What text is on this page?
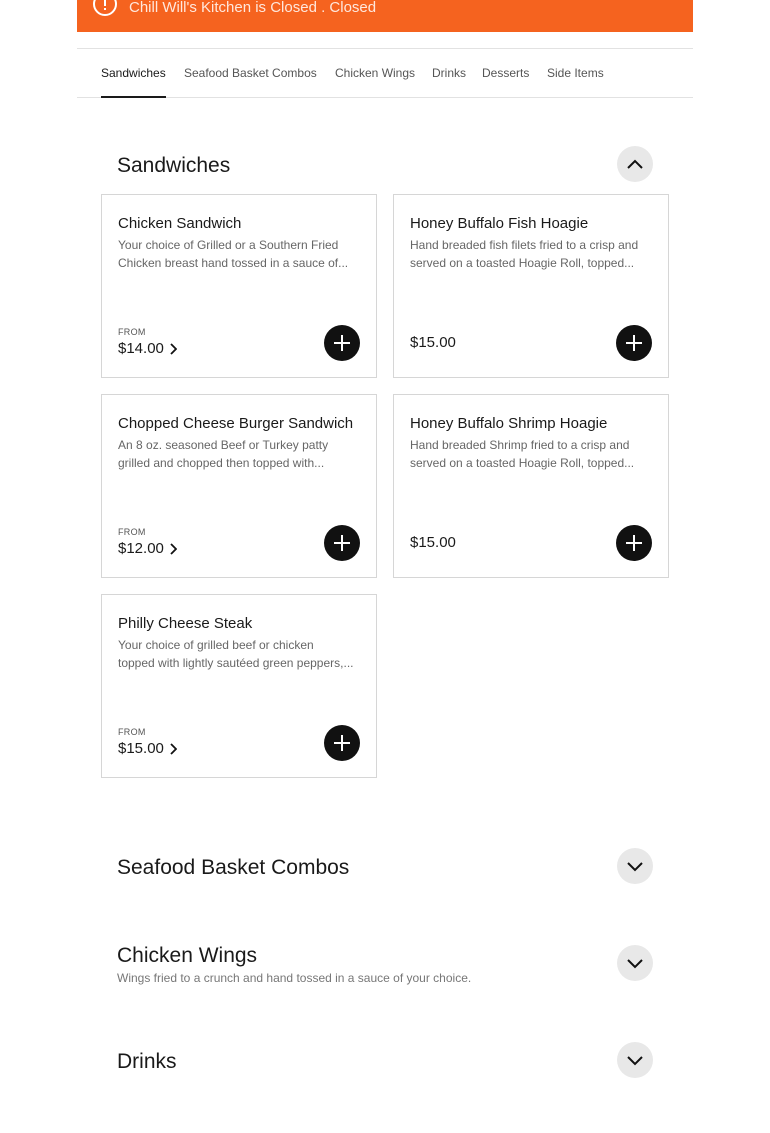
Chill Will's Kitchen is Closed . Closed
Sandwiches Seafood Basket Combos Chicken Wings Drinks Desserts Side Items
Sandwiches
Chicken Sandwich
Your choice of Grilled or a Southern Fried
Chicken breast hand tossed in a sauce of...
FROM
$14.00
Honey Buffalo Fish Hoagie
Hand breaded fish filets fried to a crisp and
served on a toasted Hoagie Roll, topped...
$15.00
Chopped Cheese Burger Sandwich
An 8 oz. seasoned Beef or Turkey patty
grilled and chopped then topped with...
FROM
$12.00
Honey Buffalo Shrimp Hoagie
Hand breaded Shrimp fried to a crisp and
served on a toasted Hoagie Roll, topped...
$15.00
Philly Cheese Steak
Your choice of grilled beef or chicken
topped with lightly sautéed green peppers,...
FROM
$15.00
Seafood Basket Combos
Chicken Wings
Wings fried to a crunch and hand tossed in a sauce of your choice.
Drinks
